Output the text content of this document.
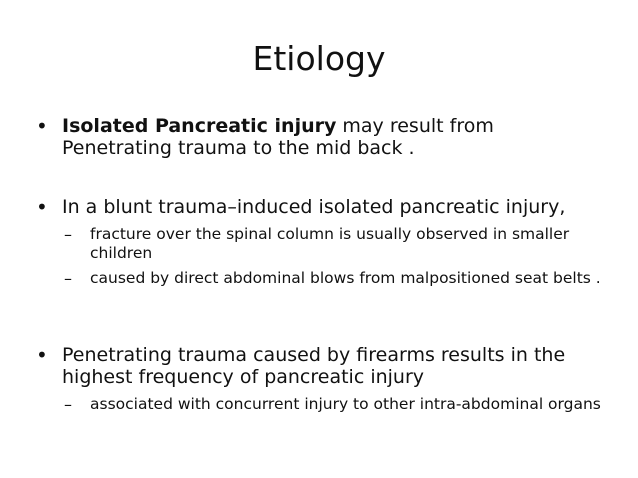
Etiology
• Isolated Pancreatic injury may result from Penetrating trauma to the mid back .
• In a blunt trauma–induced isolated pancreatic injury,
–	fracture over the spinal column is usually observed in smaller children
–	caused by direct abdominal blows from malpositioned seat belts .
• Penetrating trauma caused by firearms results in the highest frequency of pancreatic injury
–	associated with concurrent injury to other intra-abdominal organs
